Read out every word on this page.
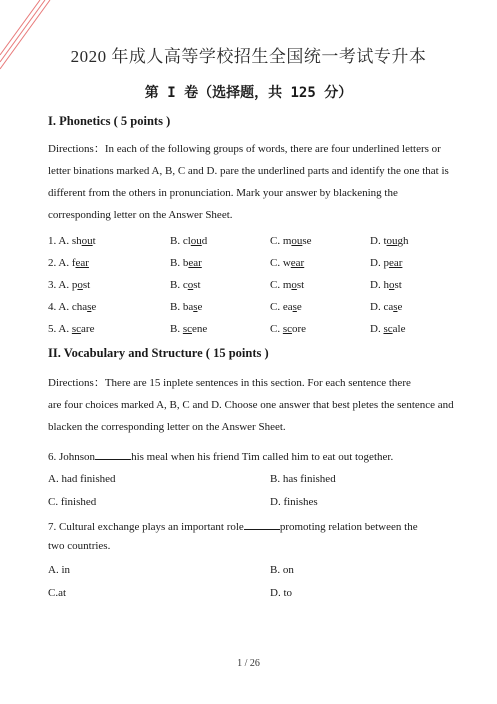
2020 年成人高等学校招生全国统一考试专升本
第 I 卷（选择题，共 125 分）
I. Phonetics ( 5 points )
Directions：In each of the following groups of words, there are four underlined letters or letter binations marked A, B, C and D. pare the underlined parts and identify the one that is different from the others in pronunciation. Mark your answer by blackening the corresponding letter on the Answer Sheet.
1. A. shout	B. cloud	C. mouse	D. tough
2. A. fear	B. bear	C. wear	D. pear
3. A. post	B. cost	C. most	D. host
4. A. chase	B. base	C. ease	D. case
5. A. scare	B. scene	C. score	D. scale
II. Vocabulary and Structure ( 15 points )
Directions：There are 15 inplete sentences in this section. For each sentence there
are four choices marked A, B, C and D. Choose one answer that best pletes the sentence and blacken the corresponding letter on the Answer Sheet.
6. Johnson	his meal when his friend Tim called him to eat out together.
A. had finished	B. has finished
C. finished	D. finishes
7. Cultural exchange plays an important role	promoting relation between the
two countries.
A. in	B. on
C.at	D. to
1 / 26
